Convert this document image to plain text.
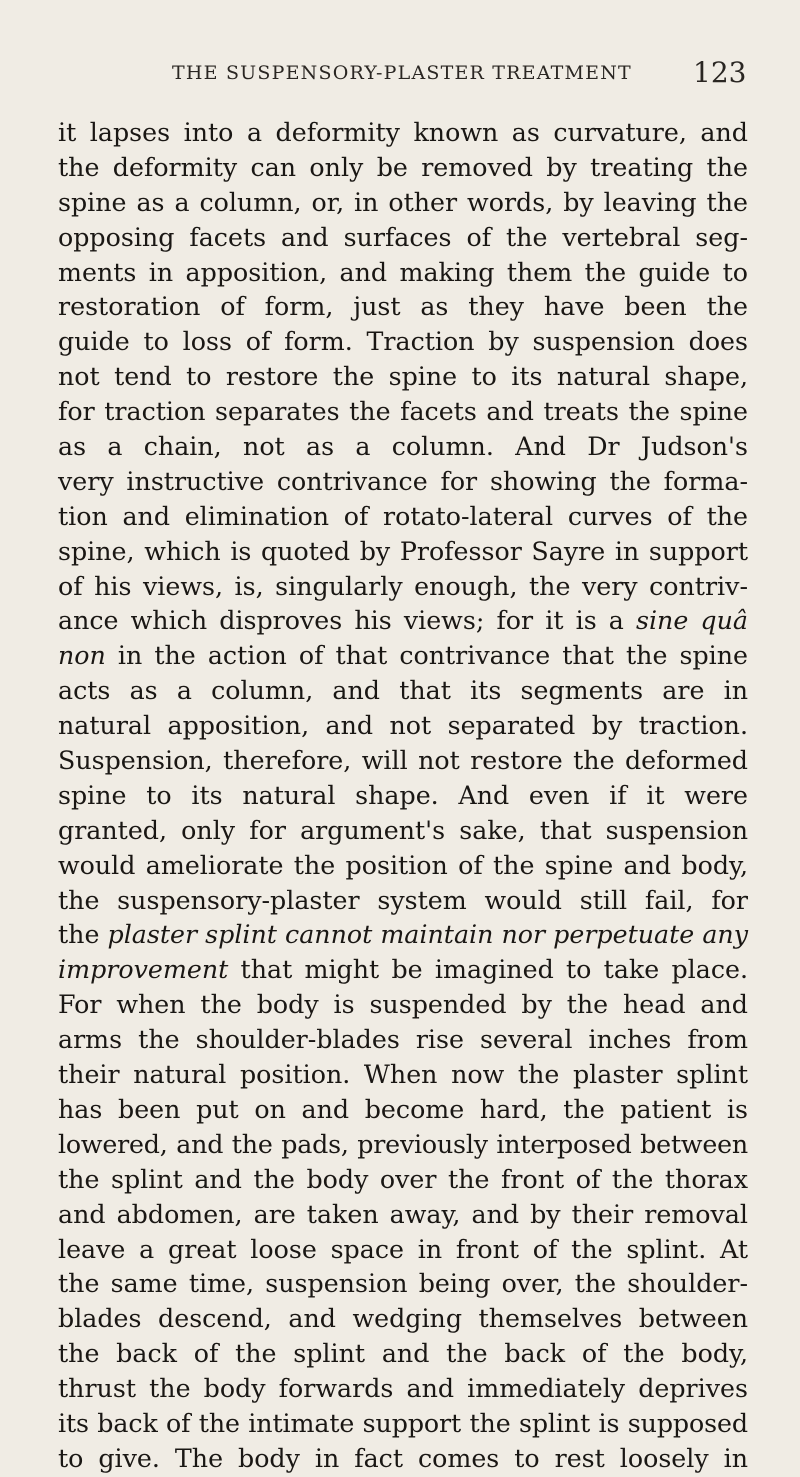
THE SUSPENSORY-PLASTER TREATMENT 123
it lapses into a deformity known as curvature, and
the deformity can only be removed by treating the
spine as a column, or, in other words, by leaving the
opposing facets and surfaces of the vertebral seg-
ments in apposition, and making them the guide to
restoration of form, just as they have been the
guide to loss of form. Traction by suspension does
not tend to restore the spine to its natural shape,
for traction separates the facets and treats the spine
as a chain, not as a column. And Dr Judson's
very instructive contrivance for showing the forma-
tion and elimination of rotato-lateral curves of the
spine, which is quoted by Professor Sayre in support
of his views, is, singularly enough, the very contriv-
ance which disproves his views; for it is a sine quâ
non in the action of that contrivance that the spine
acts as a column, and that its segments are in
natural apposition, and not separated by traction.
Suspension, therefore, will not restore the deformed
spine to its natural shape. And even if it were
granted, only for argument's sake, that suspension
would ameliorate the position of the spine and body,
the suspensory-plaster system would still fail, for
the plaster splint cannot maintain nor perpetuate any
improvement that might be imagined to take place.
For when the body is suspended by the head and
arms the shoulder-blades rise several inches from
their natural position. When now the plaster splint
has been put on and become hard, the patient is
lowered, and the pads, previously interposed between
the splint and the body over the front of the thorax
and abdomen, are taken away, and by their removal
leave a great loose space in front of the splint. At
the same time, suspension being over, the shoulder-
blades descend, and wedging themselves between
the back of the splint and the back of the body,
thrust the body forwards and immediately deprives
its back of the intimate support the splint is supposed
to give. The body in fact comes to rest loosely in
